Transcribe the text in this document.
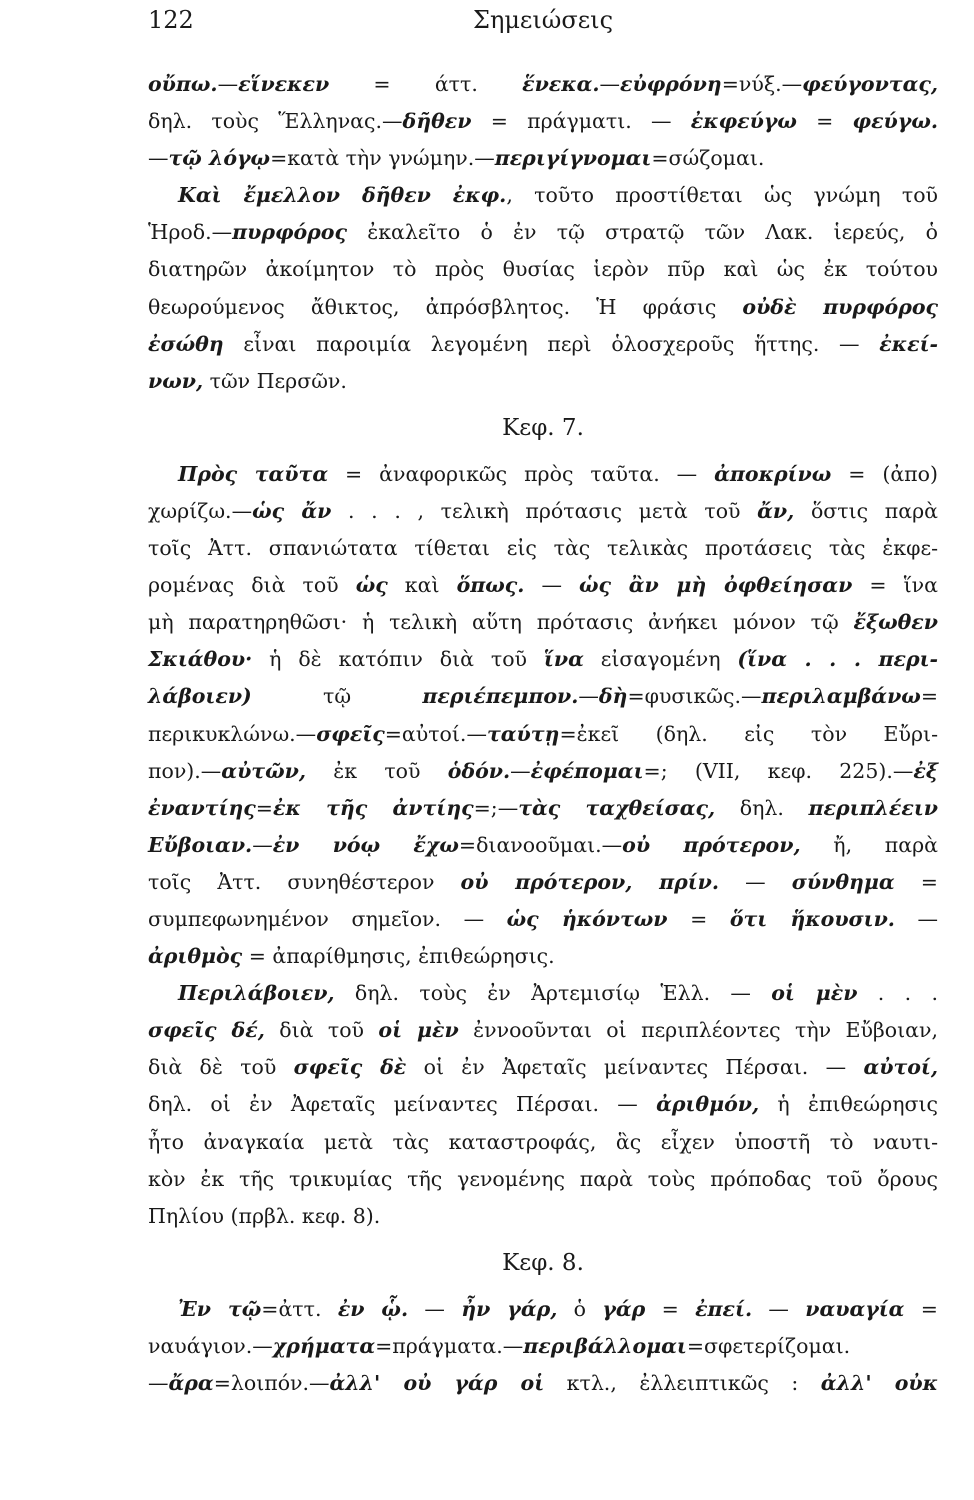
122	Σημειώσεις
οὔπω.—εἵνεκεν = άττ. ἕνεκα.—εὐφρόνη=νύξ.—φεύγοντας,
δηλ. τοὺς Ἕλληνας.—δῆθεν = πράγματι. — ἐκφεύγω = φεύγω.
—τῷ λόγῳ=κατὰ τὴν γνώμην.—περιγίγνομαι=σώζομαι.
Καὶ ἔμελλον δῆθεν ἐκφ., τοῦτο προστίθεται ὡς γνώμη τοῦ
Ἡροδ.—πυρφόρος ἐκαλεῖτο ὁ ἐν τῷ στρατῷ τῶν Λακ. ἱερεύς, ὁ
διατηρῶν ἀκοίμητον τὸ πρὸς θυσίας ἱερὸν πῦρ καὶ ὡς ἐκ τούτου
θεωρούμενος ἄθικτος, ἀπρόσβλητος. Ἡ φράσις οὐδὲ πυρφόρος
ἐσώθη εἶναι παροιμία λεγομένη περὶ ὁλοσχεροῦς ἥττης. — ἐκεί-
νων, τῶν Περσῶν.
Κεφ. 7.
Πρὸς ταῦτα = ἀναφορικῶς πρὸς ταῦτα. — ἀποκρίνω = (ἀπο)
χωρίζω.—ὡς ἄν . . . , τελικὴ πρότασις μετὰ τοῦ ἄν, ὅστις παρὰ
τοῖς Ἀττ. σπανιώτατα τίθεται εἰς τὰς τελικὰς προτάσεις τὰς ἐκφε-
ρομένας διὰ τοῦ ὡς καὶ ὅπως. — ὡς ἂν μὴ ὀφθείησαν = ἵνα
μὴ παρατηρηθῶσι· ἡ τελικὴ αὕτη πρότασις ἀνήκει μόνον τῷ ἔξωθεν
Σκιάθου· ἡ δὲ κατόπιν διὰ τοῦ ἵνα εἰσαγομένη (ἵνα . . . περι-
λάβοιεν) τῷ περιέπεμπον.—δὴ=φυσικῶς.—περιλαμβάνω=
περικυκλώνω.—σφεῖς=αὐτοί.—ταύτῃ=ἐκεῖ (δηλ. εἰς τὸν Εὔρι-
πον).—αὐτῶν, ἐκ τοῦ ὁδόν.—ἐφέπομαι=; (VII, κεφ. 225).—ἐξ
ἐναντίης=ἐκ τῆς ἀντίης=;—τὰς ταχθείσας, δηλ. περιπλέειν
Εὔβοιαν.—ἐν νόῳ ἔχω=διανοοῦμαι.—οὐ πρότερον, ἤ, παρὰ
τοῖς Ἀττ. συνηθέστερον οὐ πρότερον, πρίν. — σύνθημα =
συμπεφωνημένον σημεῖον. — ὡς ἡκόντων = ὅτι ἥκουσιν. —
ἀριθμὸς = ἀπαρίθμησις, ἐπιθεώρησις.
Περιλάβοιεν, δηλ. τοὺς ἐν Ἀρτεμισίῳ Ἑλλ. — οἱ μὲν . . .
σφεῖς δέ, διὰ τοῦ οἱ μὲν ἐννοοῦνται οἱ περιπλέοντες τὴν Εὔβοιαν,
διὰ δὲ τοῦ σφεῖς δὲ οἱ ἐν Ἀφεταῖς μείναντες Πέρσαι. — αὐτοί,
δηλ. οἱ ἐν Ἀφεταῖς μείναντες Πέρσαι. — ἀριθμόν, ἡ ἐπιθεώρησις
ἦτο ἀναγκαία μετὰ τὰς καταστροφάς, ἃς εἶχεν ὑποστῆ τὸ ναυτι-
κὸν ἐκ τῆς τρικυμίας τῆς γενομένης παρὰ τοὺς πρόποδας τοῦ ὄρους
Πηλίου (πρβλ. κεφ. 8).
Κεφ. 8.
Ἐν τῷ=ἀττ. ἐν ᾧ. — ἦν γάρ, ὁ γάρ = ἐπεί. — ναυαγία =
ναυάγιον.—χρήματα=πράγματα.—περιβάλλομαι=σφετερίζομαι.
—ἄρα=λοιπόν.—ἀλλ' οὐ γάρ οἱ κτλ., ἐλλειπτικῶς : ἀλλ' οὐκ
